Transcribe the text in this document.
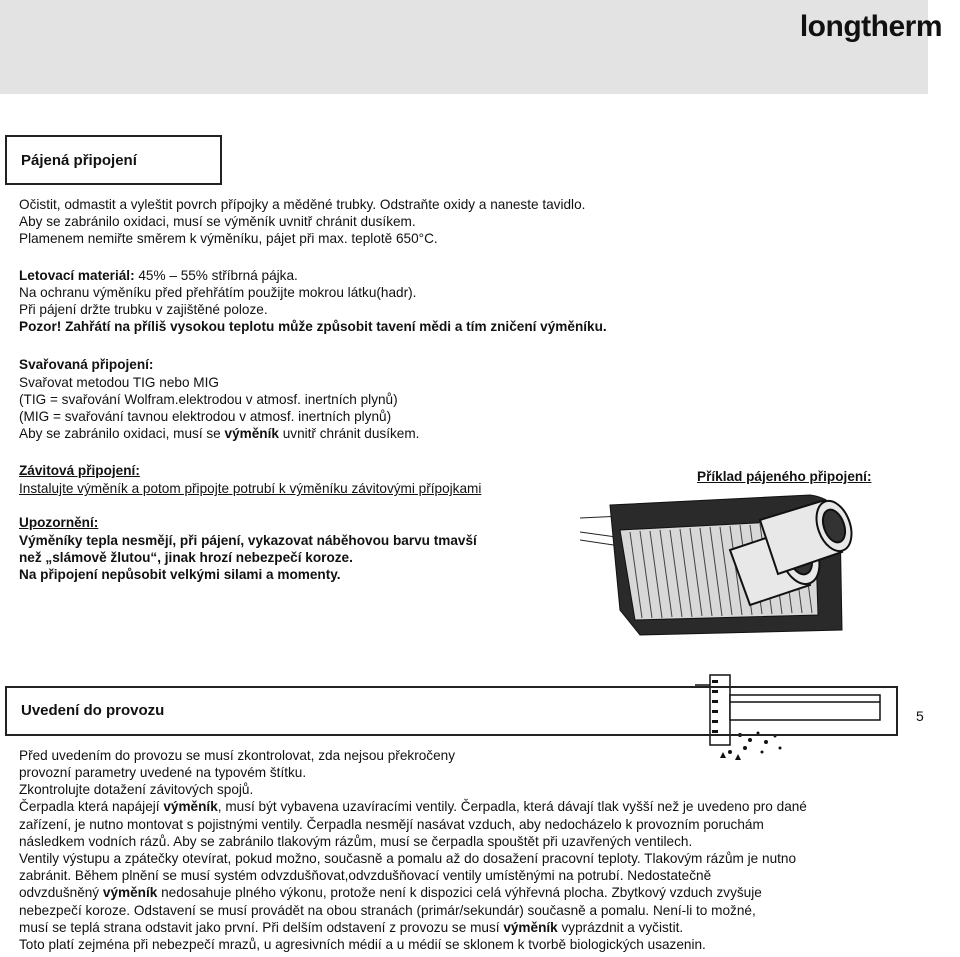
longtherm
Pájená připojení
Očistit, odmastit a vyleštit povrch přípojky a měděné trubky. Odstraňte oxidy a naneste tavidlo.
Aby se zabránilo oxidaci, musí se výměník uvnitř chránit dusíkem.
Plamenem nemiřte směrem k výměníku, pájet při max. teplotě 650°C.
Letovací materiál: 45% – 55% stříbrná pájka.
Na ochranu výměníku před přehřátím použijte mokrou látku(hadr).
Při pájení držte trubku v zajištěné poloze.
Pozor! Zahřátí na příliš vysokou teplotu může způsobit tavení mědi a tím zničení výměníku.
Svařovaná připojení:
Svařovat metodou TIG nebo MIG
(TIG = svařování Wolfram.elektrodou v atmosf. inertních plynů)
(MIG = svařování tavnou elektrodou v atmosf. inertních plynů)
Aby se zabránilo oxidaci, musí se výměník uvnitř chránit dusíkem.
Závitová připojení:
Instalujte výměník a potom připojte potrubí k výměníku závitovými přípojkami
Příklad pájeného připojení:
Upozornění:
Výměníky tepla nesmějí, při pájení, vykazovat náběhovou barvu tmavší
než „slámově žlutou“, jinak hrozí nebezpečí koroze.
Na připojení nepůsobit velkými silami a momenty.
Uvedení do provozu	5
Před uvedením do provozu se musí zkontrolovat, zda nejsou překročeny
provozní parametry uvedené na typovém štítku.
Zkontrolujte dotažení závitových spojů.
Čerpadla která napájejí výměník, musí být vybavena uzavíracími ventily. Čerpadla, která dávají tlak vyšší než je uvedeno pro dané
zařízení, je nutno montovat s pojistnými ventily. Čerpadla nesmějí nasávat vzduch, aby nedocházelo k provozním poruchám
následkem vodních rázů. Aby se zabránilo tlakovým rázům, musí se čerpadla spouštět při uzavřených ventilech.
Ventily výstupu a zpátečky otevírat, pokud možno, současně a pomalu až do dosažení pracovní teploty. Tlakovým rázům je nutno
zabránit. Během plnění se musí systém odvzdušňovat,odvzdušňovací ventily umístěnými na potrubí. Nedostatečně
odvzdušněný výměník nedosahuje plného výkonu, protože není k dispozici celá výhřevná plocha. Zbytkový vzduch zvyšuje
nebezpečí koroze. Odstavení se musí provádět na obou stranách (primár/sekundár) současně a pomalu. Není-li to možné,
musí se teplá strana odstavit jako první. Při delším odstavení z provozu se musí výměník vyprázdnit a vyčistit.
Toto platí zejména při nebezpečí mrazů, u agresivních médií a u médií se sklonem k tvorbě biologických usazenin.
